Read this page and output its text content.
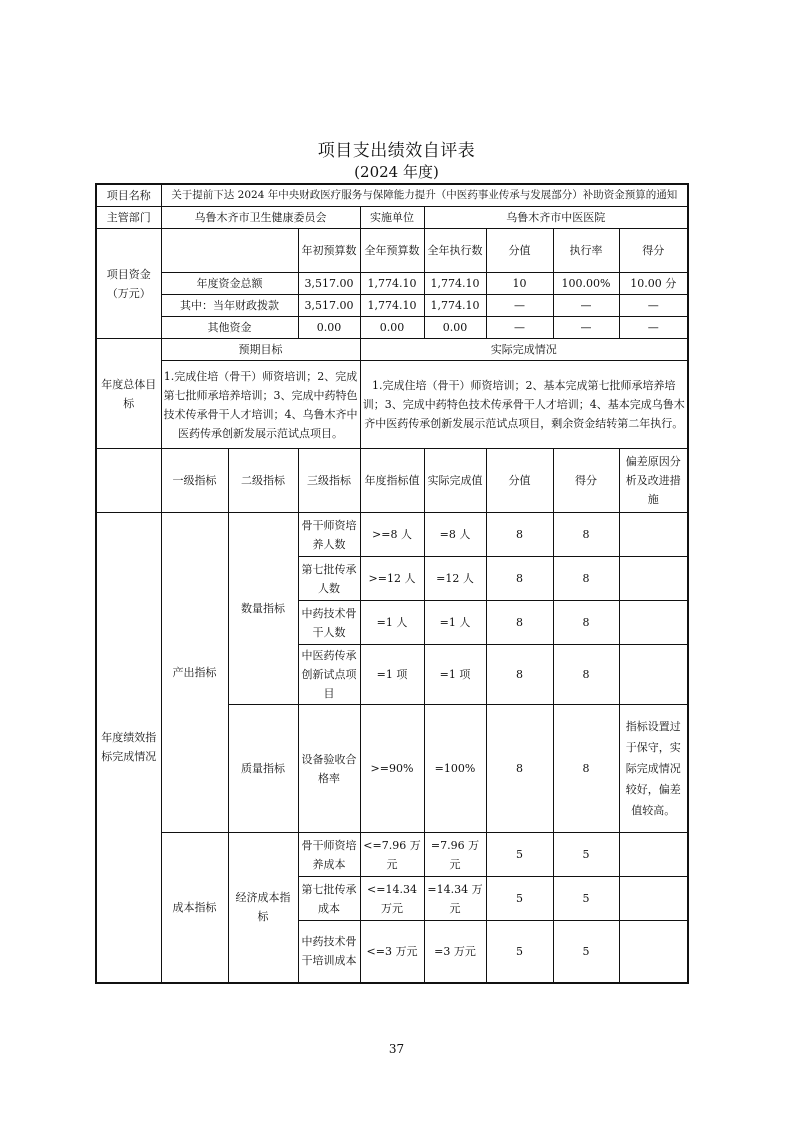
项目支出绩效自评表
(2024 年度)
项目名称	关于提前下达 2024 年中央财政医疗服务与保障能力提升（中医药事业传承与发展部分）补助资金预算的通知							
主管部门	乌鲁木齐市卫生健康委员会			实施单位	乌鲁木齐市中医医院			
项目资金（万元）			年初预算数	全年预算数	全年执行数	分值	执行率	得分
	年度资金总额		3,517.00	1,774.10	1,774.10	10	100.00%	10.00 分
	其中：当年财政拨款		3,517.00	1,774.10	1,774.10	—	—	—
	其他资金		0.00	0.00	0.00	—	—	—
年度总体目标	预期目标			实际完成情况				
	1.完成住培（骨干）师资培训；2、完成第七批师承培养培训；3、完成中药特色技术传承骨干人才培训；4、乌鲁木齐中医药传承创新发展示范试点项目。			1.完成住培（骨干）师资培训；2、基本完成第七批师承培养培训；3、完成中药特色技术传承骨干人才培训；4、基本完成乌鲁木齐中医药传承创新发展示范试点项目，剩余资金结转第二年执行。				
	一级指标	二级指标	三级指标	年度指标值	实际完成值	分值	得分	偏差原因分析及改进措施
年度绩效指标完成情况	产出指标	数量指标	骨干师资培养人数	>=8 人	=8 人	8	8	
			第七批传承人数	>=12 人	=12 人	8	8	
			中药技术骨干人数	=1 人	=1 人	8	8	
			中医药传承创新试点项目	=1 项	=1 项	8	8	
		质量指标	设备验收合格率	>=90%	=100%	8	8	指标设置过于保守，实际完成情况较好，偏差值较高。
	成本指标	经济成本指标	骨干师资培养成本	<=7.96 万元	=7.96 万元	5	5	
			第七批传承成本	<=14.34 万元	=14.34 万元	5	5	
			中药技术骨干培训成本	<=3 万元	=3 万元	5	5	
37
